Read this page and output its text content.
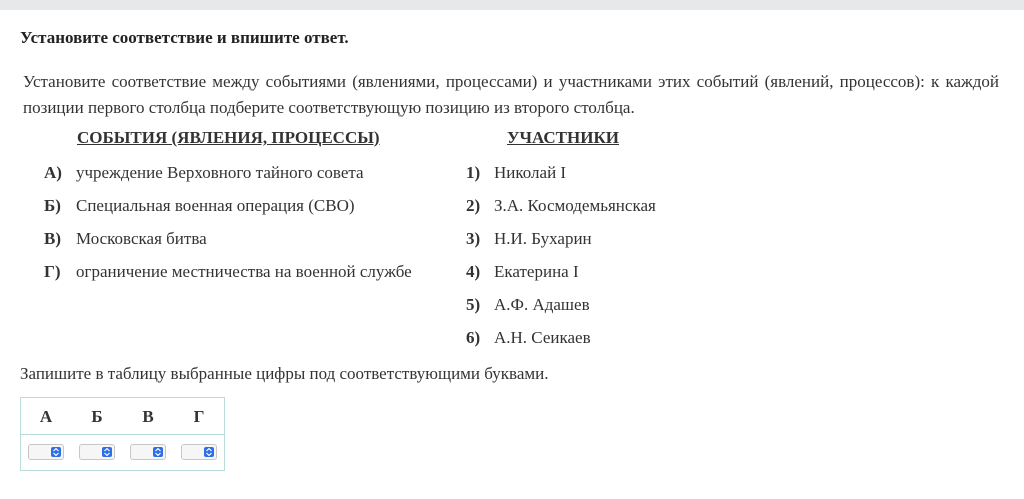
Установите соответствие и впишите ответ.
Установите соответствие между событиями (явлениями, процессами) и участниками этих событий (явлений, процессов): к каждой позиции первого столбца подберите соответствующую позицию из второго столбца.
СОБЫТИЯ (ЯВЛЕНИЯ, ПРОЦЕССЫ)	УЧАСТНИКИ
А) учреждение Верховного тайного совета
Б) Специальная военная операция (СВО)
В) Московская битва
Г) ограничение местничества на военной службе
1) Николай I
2) З.А. Космодемьянская
3) Н.И. Бухарин
4) Екатерина I
5) А.Ф. Адашев
6) А.Н. Сеикаев
Запишите в таблицу выбранные цифры под соответствующими буквами.
А	Б	В	Г
